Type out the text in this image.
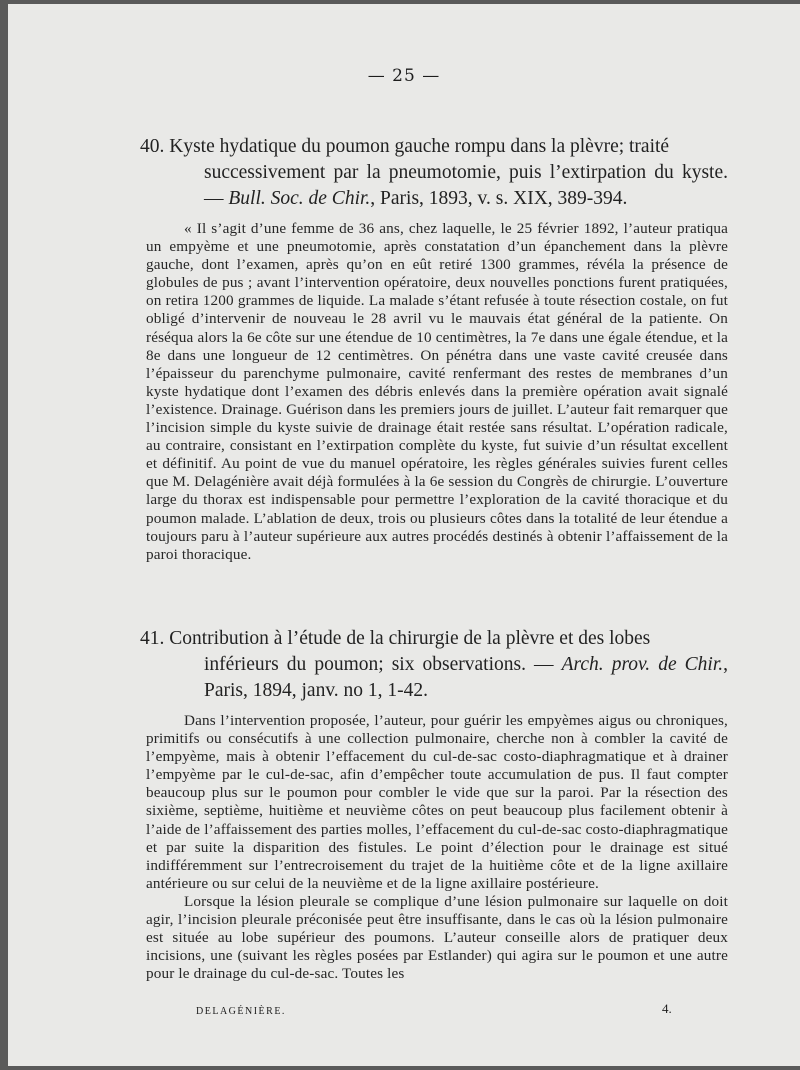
— 25 —
40. Kyste hydatique du poumon gauche rompu dans la plèvre; traité
successivement par la pneumotomie, puis l’extirpation du kyste. — Bull. Soc. de Chir., Paris, 1893, v. s. XIX, 389-394.

« Il s’agit d’une femme de 36 ans, chez laquelle, le 25 février 1892, l’auteur pratiqua un empyème et une pneumotomie, après constatation d’un épanchement dans la plèvre gauche, dont l’examen, après qu’on en eût retiré 1300 grammes, révéla la présence de globules de pus ; avant l’intervention opératoire, deux nouvelles ponctions furent pratiquées, on retira 1200 grammes de liquide. La malade s’étant refusée à toute résection costale, on fut obligé d’intervenir de nouveau le 28 avril vu le mauvais état général de la patiente. On réséqua alors la 6e côte sur une étendue de 10 centimètres, la 7e dans une égale étendue, et la 8e dans une longueur de 12 centimètres. On pénétra dans une vaste cavité creusée dans l’épaisseur du parenchyme pulmonaire, cavité renfermant des restes de membranes d’un kyste hydatique dont l’examen des débris enlevés dans la première opération avait signalé l’existence. Drainage. Guérison dans les premiers jours de juillet. L’auteur fait remarquer que l’incision simple du kyste suivie de drainage était restée sans résultat. L’opération radicale, au contraire, consistant en l’extirpation complète du kyste, fut suivie d’un résultat excellent et définitif. Au point de vue du manuel opératoire, les règles générales suivies furent celles que M. Delagénière avait déjà formulées à la 6e session du Congrès de chirurgie. L’ouverture large du thorax est indispensable pour permettre l’exploration de la cavité thoracique et du poumon malade. L’ablation de deux, trois ou plusieurs côtes dans la totalité de leur étendue a toujours paru à l’auteur supérieure aux autres procédés destinés à obtenir l’affaissement de la paroi thoracique.

41. Contribution à l’étude de la chirurgie de la plèvre et des lobes
inférieurs du poumon; six observations. — Arch. prov. de Chir., Paris, 1894, janv. no 1, 1-42.

Dans l’intervention proposée, l’auteur, pour guérir les empyèmes aigus ou chroniques, primitifs ou consécutifs à une collection pulmonaire, cherche non à combler la cavité de l’empyème, mais à obtenir l’effacement du cul-de-sac costo-diaphragmatique et à drainer l’empyème par le cul-de-sac, afin d’empêcher toute accumulation de pus. Il faut compter beaucoup plus sur le poumon pour combler le vide que sur la paroi. Par la résection des sixième, septième, huitième et neuvième côtes on peut beaucoup plus facilement obtenir à l’aide de l’affaissement des parties molles, l’effacement du cul-de-sac costo-diaphragmatique et par suite la disparition des fistules. Le point d’élection pour le drainage est situé indifféremment sur l’entrecroisement du trajet de la huitième côte et de la ligne axillaire antérieure ou sur celui de la neuvième et de la ligne axillaire postérieure.

Lorsque la lésion pleurale se complique d’une lésion pulmonaire sur laquelle on doit agir, l’incision pleurale préconisée peut être insuffisante, dans le cas où la lésion pulmonaire est située au lobe supérieur des poumons. L’auteur conseille alors de pratiquer deux incisions, une (suivant les règles posées par Estlander) qui agira sur le poumon et une autre pour le drainage du cul-de-sac. Toutes les

DELAGÉNIÈRE.	4.
